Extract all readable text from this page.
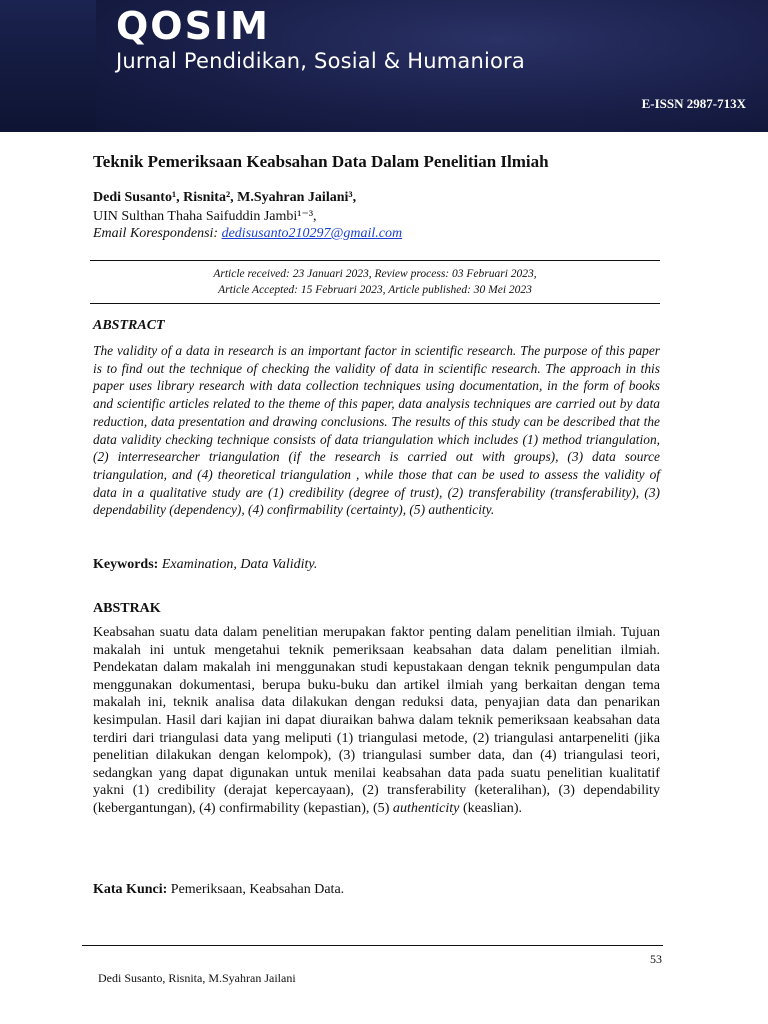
QOSIM
Jurnal Pendidikan, Sosial & Humaniora
E-ISSN 2987-713X
Teknik Pemeriksaan Keabsahan Data Dalam Penelitian Ilmiah
Dedi Susanto¹, Risnita², M.Syahran Jailani³,
UIN Sulthan Thaha Saifuddin Jambi¹⁻³,
Email Korespondensi: dedisusanto210297@gmail.com
Article received: 23 Januari 2023, Review process: 03 Februari 2023,
Article Accepted: 15 Februari 2023, Article published: 30 Mei 2023
ABSTRACT
The validity of a data in research is an important factor in scientific research. The purpose of this paper is to find out the technique of checking the validity of data in scientific research. The approach in this paper uses library research with data collection techniques using documentation, in the form of books and scientific articles related to the theme of this paper, data analysis techniques are carried out by data reduction, data presentation and drawing conclusions. The results of this study can be described that the data validity checking technique consists of data triangulation which includes (1) method triangulation, (2) interresearcher triangulation (if the research is carried out with groups), (3) data source triangulation, and (4) theoretical triangulation , while those that can be used to assess the validity of data in a qualitative study are (1) credibility (degree of trust), (2) transferability (transferability), (3) dependability (dependency), (4) confirmability (certainty), (5) authenticity.
Keywords: Examination, Data Validity.
ABSTRAK
Keabsahan suatu data dalam penelitian merupakan faktor penting dalam penelitian ilmiah. Tujuan makalah ini untuk mengetahui teknik pemeriksaan keabsahan data dalam penelitian ilmiah. Pendekatan dalam makalah ini menggunakan studi kepustakaan dengan teknik pengumpulan data menggunakan dokumentasi, berupa buku-buku dan artikel ilmiah yang berkaitan dengan tema makalah ini, teknik analisa data dilakukan dengan reduksi data, penyajian data dan penarikan kesimpulan. Hasil dari kajian ini dapat diuraikan bahwa dalam teknik pemeriksaan keabsahan data terdiri dari triangulasi data yang meliputi (1) triangulasi metode, (2) triangulasi antarpeneliti (jika penelitian dilakukan dengan kelompok), (3) triangulasi sumber data, dan (4) triangulasi teori, sedangkan yang dapat digunakan untuk menilai keabsahan data pada suatu penelitian kualitatif yakni (1) credibility (derajat kepercayaan), (2) transferability (keteralihan), (3) dependability (kebergantungan), (4) confirmability (kepastian), (5) authenticity (keaslian).
Kata Kunci: Pemeriksaan, Keabsahan Data.
53
Dedi Susanto, Risnita, M.Syahran Jailani
